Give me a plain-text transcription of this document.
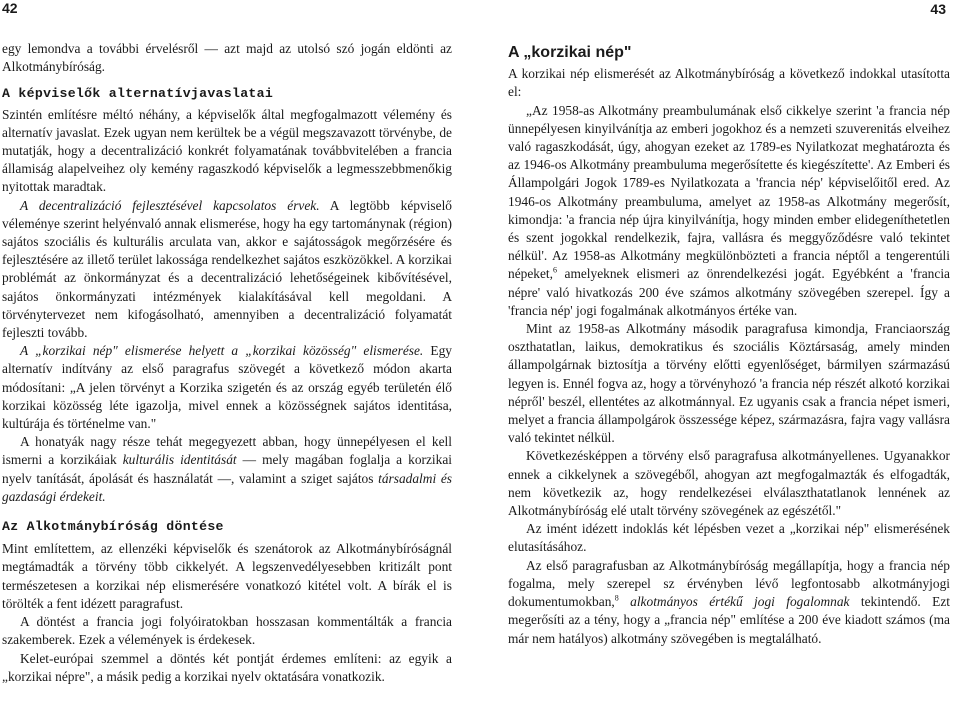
42	43

egy lemondva a további érvelésről — azt majd az utolsó szó jogán eldönti az Alkotmánybíróság.

A képviselők alternatívjavaslatai

Szintén említésre méltó néhány, a képviselők által megfogalmazott vélemény és alternatív javaslat. Ezek ugyan nem kerültek be a végül megszavazott törvénybe, de mutatják, hogy a decentralizáció konkrét folyamatának továbbvitelében a francia államiság alapelveihez oly kemény ragaszkodó képviselők a legmesszebbmenőkig nyitottak maradtak.

A decentralizáció fejlesztésével kapcsolatos érvek. A legtöbb képviselő véleménye szerint helyénvaló annak elismerése, hogy ha egy tartománynak (région) sajátos szociális és kulturális arculata van, akkor e sajátosságok megőrzésére és fejlesztésére az illető terület lakossága rendelkezhet sajátos eszközökkel. A korzikai problémát az önkormányzat és a decentralizáció lehetőségeinek kibővítésével, sajátos önkormányzati intézmények kialakításával kell megoldani. A törvénytervezet nem kifogásolható, amennyiben a decentralizáció folyamatát fejleszti tovább.

A „korzikai nép" elismerése helyett a „korzikai közösség" elismerése. Egy alternatív indítvány az első paragrafus szövegét a következő módon akarta módosítani: „A jelen törvényt a Korzika szigetén és az ország egyéb területén élő korzikai közösség léte igazolja, mivel ennek a közösségnek sajátos identitása, kultúrája és történelme van."

A honatyák nagy része tehát megegyezett abban, hogy ünnepélyesen el kell ismerni a korzikáiak kulturális identitását — mely magában foglalja a korzikai nyelv tanítását, ápolását és használatát —, valamint a sziget sajátos társadalmi és gazdasági érdekeit.

Az Alkotmánybíróság döntése

Mint említettem, az ellenzéki képviselők és szenátorok az Alkotmánybíróságnál megtámadták a törvény több cikkelyét. A legszenvedélyesebben kritizált pont természetesen a korzikai nép elismerésére vonatkozó kitétel volt. A bírák el is törölték a fent idézett paragrafust.

A döntést a francia jogi folyóiratokban hosszasan kommentálták a francia szakemberek. Ezek a vélemények is érdekesek.

Kelet-európai szemmel a döntés két pontját érdemes említeni: az egyik a „korzikai népre", a másik pedig a korzikai nyelv oktatására vonatkozik.

A „korzikai nép"

A korzikai nép elismerését az Alkotmánybíróság a következő indokkal utasította el:

„Az 1958-as Alkotmány preambulumának első cikkelye szerint 'a francia nép ünnepélyesen kinyilvánítja az emberi jogokhoz és a nemzeti szuverenitás elveihez való ragaszkodását, úgy, ahogyan ezeket az 1789-es Nyilatkozat meghatározta és az 1946-os Alkotmány preambuluma megerősítette és kiegészítette'. Az Emberi és Állampolgári Jogok 1789-es Nyilatkozata a 'francia nép' képviselőitől ered. Az 1946-os Alkotmány preambuluma, amelyet az 1958-as Alkotmány megerősít, kimondja: 'a francia nép újra kinyilvánítja, hogy minden ember elidegeníthetetlen és szent jogokkal rendelkezik, fajra, vallásra és meggyőződésre való tekintet nélkül'. Az 1958-as Alkotmány megkülönbözteti a francia néptől a tengerentúli népeket,$^6$ amelyeknek elismeri az önrendelkezési jogát. Egyébként a 'francia népre' való hivatkozás 200 éve számos alkotmány szövegében szerepel. Így a 'francia nép' jogi fogalmának alkotmányos értéke van.

Mint az 1958-as Alkotmány második paragrafusa kimondja, Franciaország oszthatatlan, laikus, demokratikus és szociális Köztársaság, amely minden állampolgárnak biztosítja a törvény előtti egyenlőséget, bármilyen származású legyen is. Ennél fogva az, hogy a törvényhozó 'a francia nép részét alkotó korzikai népről' beszél, ellentétes az alkotmánnyal. Ez ugyanis csak a francia népet ismeri, melyet a francia állampolgárok összessége képez, származásra, fajra vagy vallásra való tekintet nélkül.

Következésképpen a törvény első paragrafusa alkotmányellenes. Ugyanakkor ennek a cikkelynek a szövegéből, ahogyan azt megfogalmazták és elfogadták, nem következik az, hogy rendelkezései elválaszthatatlanok lennének az Alkotmánybíróság elé utalt törvény szövegének az egészétől."

Az imént idézett indoklás két lépésben vezet a „korzikai nép" elismerésének elutasításához.

Az első paragrafusban az Alkotmánybíróság megállapítja, hogy a francia nép fogalma, mely szerepel sz érvényben lévő legfontosabb alkotmányjogi dokumentumokban,$^8$ alkotmányos értékű jogi fogalomnak tekintendő. Ezt megerősíti az a tény, hogy a „francia nép" említése a 200 éve kiadott számos (ma már nem hatályos) alkotmány szövegében is megtalálható.
